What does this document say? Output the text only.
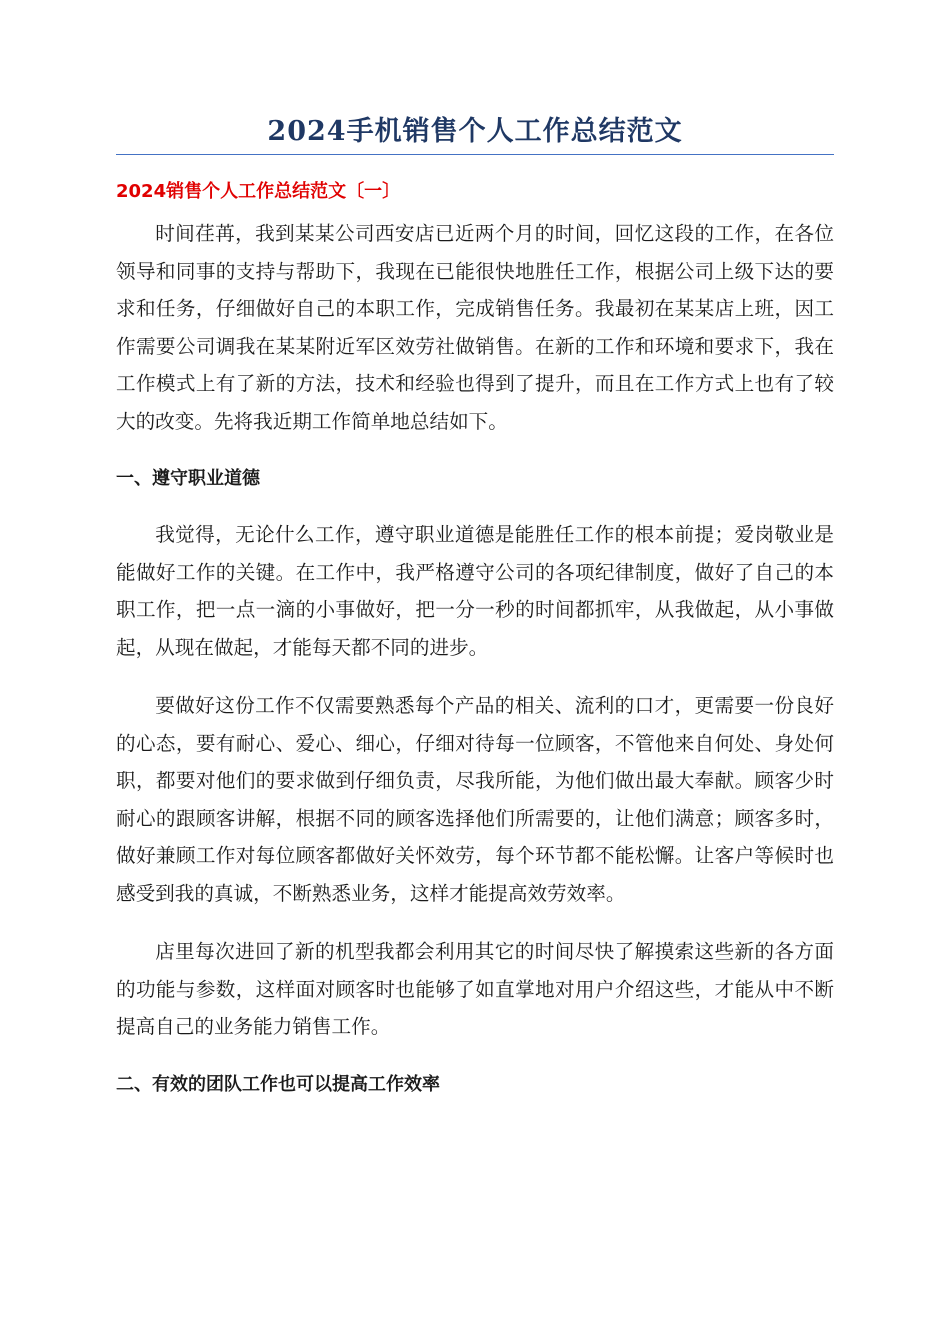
2024手机销售个人工作总结范文
2024销售个人工作总结范文〔一〕

时间荏苒，我到某某公司西安店已近两个月的时间，回忆这段的工作，在各位领导和同事的支持与帮助下，我现在已能很快地胜任工作，根据公司上级下达的要求和任务，仔细做好自己的本职工作，完成销售任务。我最初在某某店上班，因工作需要公司调我在某某附近军区效劳社做销售。在新的工作和环境和要求下，我在工作模式上有了新的方法，技术和经验也得到了提升，而且在工作方式上也有了较大的改变。先将我近期工作简单地总结如下。

一、遵守职业道德

我觉得，无论什么工作，遵守职业道德是能胜任工作的根本前提；爱岗敬业是能做好工作的关键。在工作中，我严格遵守公司的各项纪律制度，做好了自己的本职工作，把一点一滴的小事做好，把一分一秒的时间都抓牢，从我做起，从小事做起，从现在做起，才能每天都不同的进步。

要做好这份工作不仅需要熟悉每个产品的相关、流利的口才，更需要一份良好的心态，要有耐心、爱心、细心，仔细对待每一位顾客，不管他来自何处、身处何职，都要对他们的要求做到仔细负责，尽我所能，为他们做出最大奉献。顾客少时耐心的跟顾客讲解，根据不同的顾客选择他们所需要的，让他们满意；顾客多时，做好兼顾工作对每位顾客都做好关怀效劳，每个环节都不能松懈。让客户等候时也感受到我的真诚，不断熟悉业务，这样才能提高效劳效率。

店里每次进回了新的机型我都会利用其它的时间尽快了解摸索这些新的各方面的功能与参数，这样面对顾客时也能够了如直掌地对用户介绍这些，才能从中不断提高自己的业务能力销售工作。

二、有效的团队工作也可以提高工作效率
